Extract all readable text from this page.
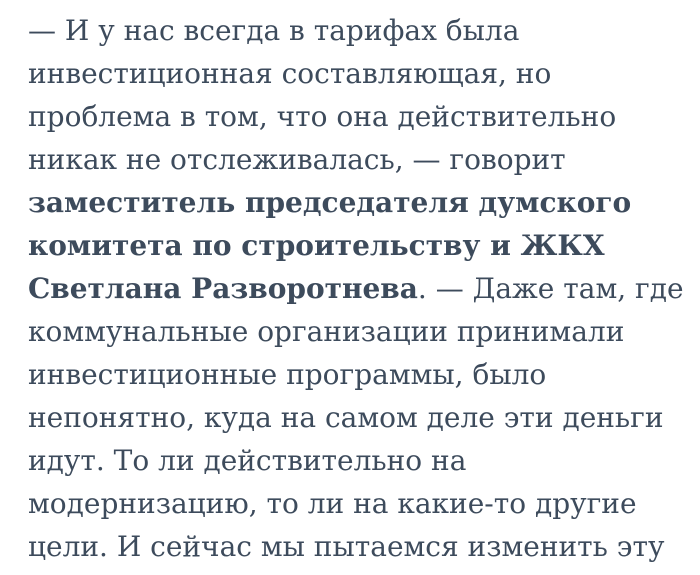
— И у нас всегда в тарифах была
инвестиционная составляющая, но
проблема в том, что она действительно
никак не отслеживалась, — говорит
заместитель председателя думского
комитета по строительству и ЖКХ
Светлана Разворотнева. — Даже там, где
коммунальные организации принимали
инвестиционные программы, было
непонятно, куда на самом деле эти деньги
идут. То ли действительно на
модернизацию, то ли на какие-то другие
цели. И сейчас мы пытаемся изменить эту
